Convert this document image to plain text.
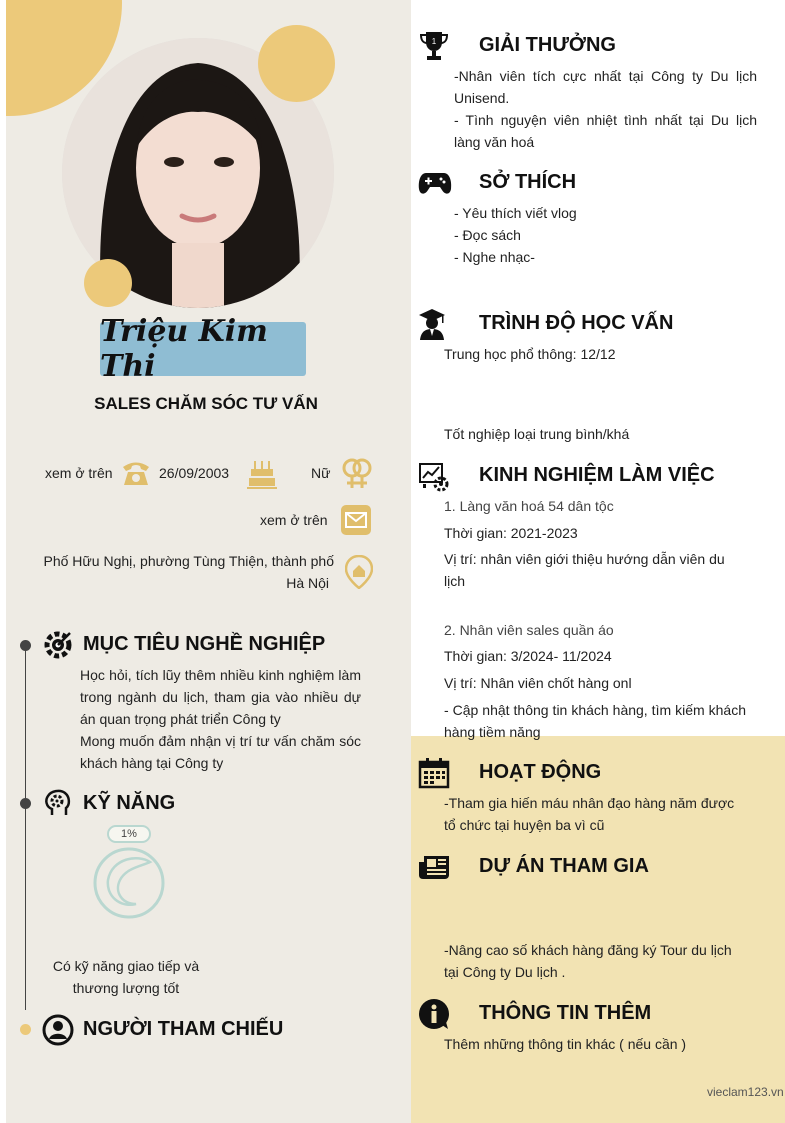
Triệu Kim Thi
SALES CHĂM SÓC TƯ VẤN
xem ở trên	26/09/2003	Nữ
xem ở trên
Phố Hữu Nghị, phường Tùng Thiện, thành phố
Hà Nội
MỤC TIÊU NGHỀ NGHIỆP
Học hỏi, tích lũy thêm nhiều kinh nghiệm làm trong ngành du lịch, tham gia vào nhiều dự án quan trọng phát triển Công ty
Mong muốn đảm nhận vị trí tư vấn chăm sóc khách hàng tại Công ty
KỸ NĂNG
1%
Có kỹ năng giao tiếp và
thương lượng tốt
NGƯỜI THAM CHIẾU
1 GIẢI THƯỞNG
-Nhân viên tích cực nhất tại Công ty Du lịch Unisend.
- Tình nguyện viên nhiệt tình nhất tại Du lịch làng văn hoá
SỞ THÍCH
- Yêu thích viết vlog
- Đọc sách
- Nghe nhạc-
TRÌNH ĐỘ HỌC VẤN
Trung học phổ thông: 12/12
Tốt nghiệp loại trung bình/khá
KINH NGHIỆM LÀM VIỆC
1. Làng văn hoá 54 dân tộc
Thời gian: 2021-2023
Vị trí: nhân viên giới thiệu hướng dẫn viên du lịch
2. Nhân viên sales quần áo
Thời gian: 3/2024- 11/2024
Vị trí: Nhân viên chốt hàng onl
- Cập nhật thông tin khách hàng, tìm kiếm khách hàng tiềm năng
HOẠT ĐỘNG
-Tham gia hiến máu nhân đạo hàng năm được tổ chức tại huyện ba vì cũ
DỰ ÁN THAM GIA
-Nâng cao số khách hàng đăng ký Tour du lịch tại Công ty Du lịch .
THÔNG TIN THÊM
Thêm những thông tin khác ( nếu cần )
vieclam123.vn
